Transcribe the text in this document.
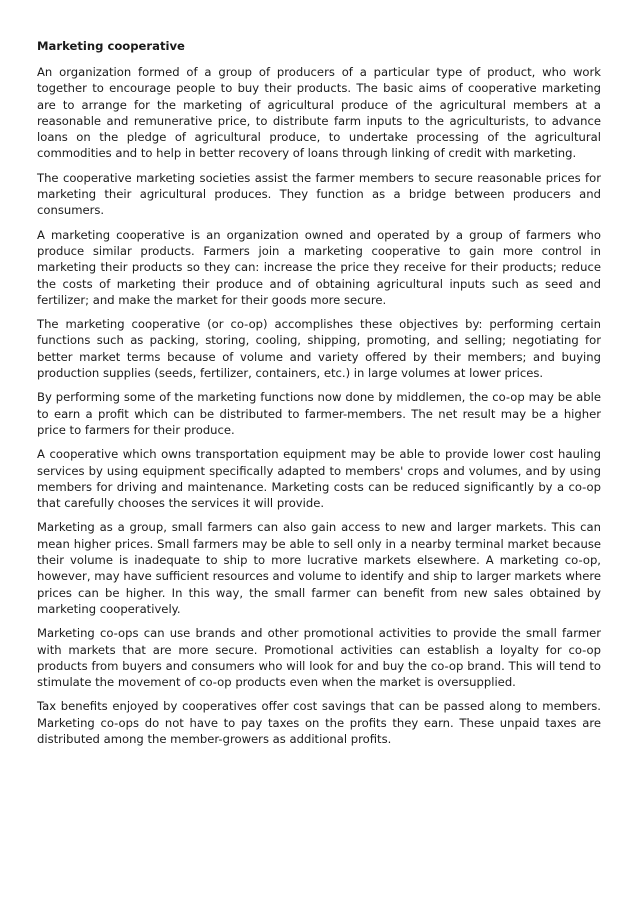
Marketing cooperative

An organization formed of a group of producers of a particular type of product, who work together to encourage people to buy their products. The basic aims of cooperative marketing are to arrange for the marketing of agricultural produce of the agricultural members at a reasonable and remunerative price, to distribute farm inputs to the agriculturists, to advance loans on the pledge of agricultural produce, to undertake processing of the agricultural commodities and to help in better recovery of loans through linking of credit with marketing.

The cooperative marketing societies assist the farmer members to secure reasonable prices for marketing their agricultural produces. They function as a bridge between producers and consumers.

A marketing cooperative is an organization owned and operated by a group of farmers who produce similar products. Farmers join a marketing cooperative to gain more control in marketing their products so they can: increase the price they receive for their products; reduce the costs of marketing their produce and of obtaining agricultural inputs such as seed and fertilizer; and make the market for their goods more secure.

The marketing cooperative (or co-op) accomplishes these objectives by: performing certain functions such as packing, storing, cooling, shipping, promoting, and selling; negotiating for better market terms because of volume and variety offered by their members; and buying production supplies (seeds, fertilizer, containers, etc.) in large volumes at lower prices.

By performing some of the marketing functions now done by middlemen, the co-op may be able to earn a profit which can be distributed to farmer-members. The net result may be a higher price to farmers for their produce.

A cooperative which owns transportation equipment may be able to provide lower cost hauling services by using equipment specifically adapted to members' crops and volumes, and by using members for driving and maintenance. Marketing costs can be reduced significantly by a co-op that carefully chooses the services it will provide.

Marketing as a group, small farmers can also gain access to new and larger markets. This can mean higher prices. Small farmers may be able to sell only in a nearby terminal market because their volume is inadequate to ship to more lucrative markets elsewhere. A marketing co-op, however, may have sufficient resources and volume to identify and ship to larger markets where prices can be higher. In this way, the small farmer can benefit from new sales obtained by marketing cooperatively.

Marketing co-ops can use brands and other promotional activities to provide the small farmer with markets that are more secure. Promotional activities can establish a loyalty for co-op products from buyers and consumers who will look for and buy the co-op brand. This will tend to stimulate the movement of co-op products even when the market is oversupplied.

Tax benefits enjoyed by cooperatives offer cost savings that can be passed along to members. Marketing co-ops do not have to pay taxes on the profits they earn. These unpaid taxes are distributed among the member-growers as additional profits.
